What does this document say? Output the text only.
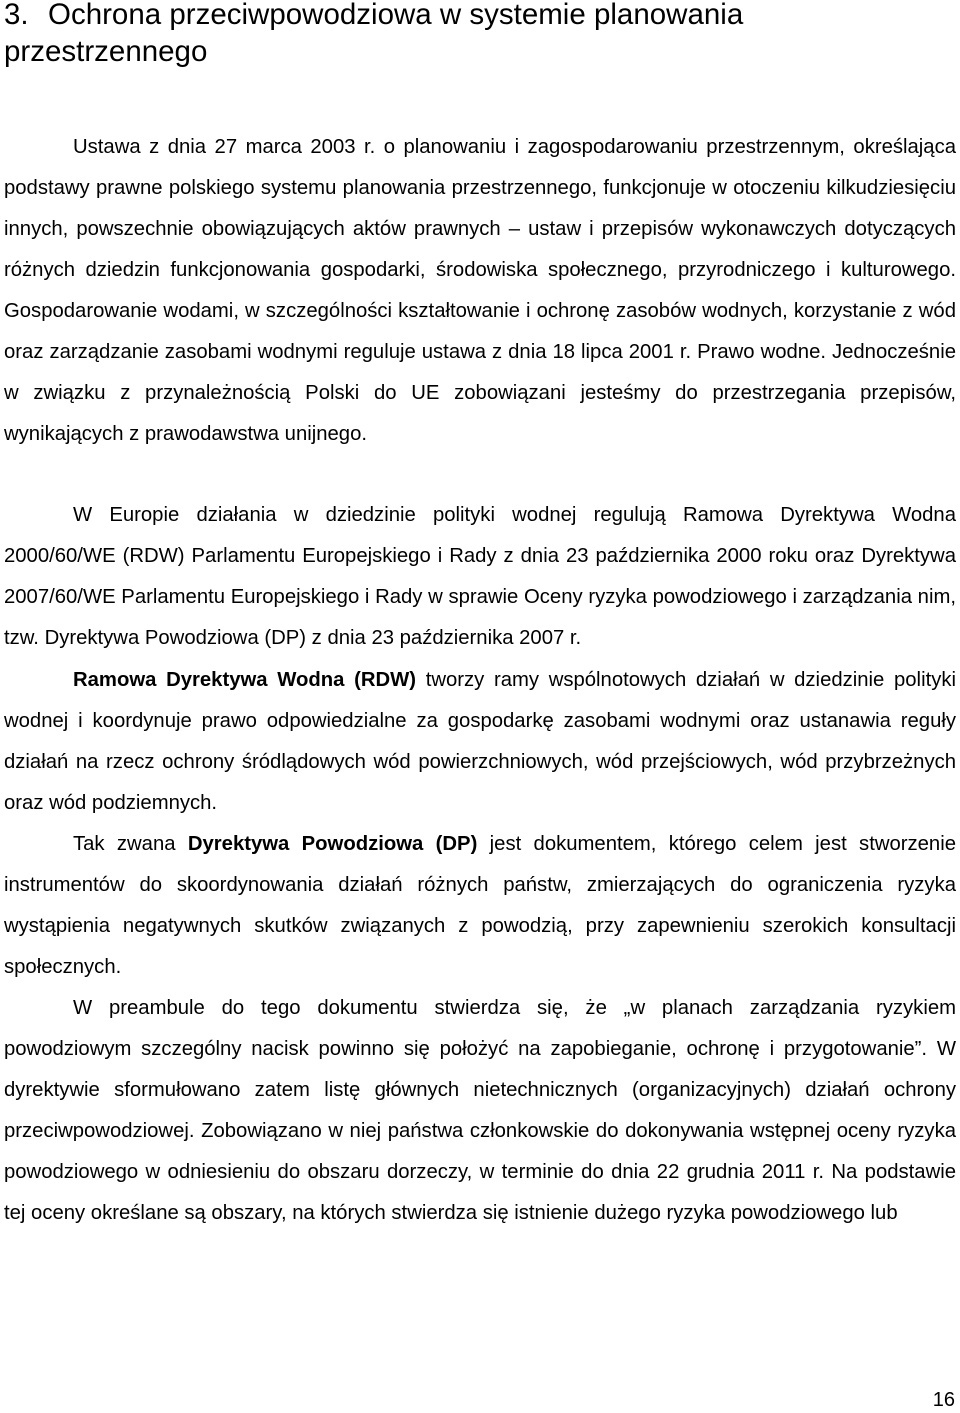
3. Ochrona przeciwpowodziowa w systemie planowania przestrzennego

Ustawa z dnia 27 marca 2003 r. o planowaniu i zagospodarowaniu przestrzennym, określająca podstawy prawne polskiego systemu planowania przestrzennego, funkcjonuje w otoczeniu kilkudziesięciu innych, powszechnie obowiązujących aktów prawnych – ustaw i przepisów wykonawczych dotyczących różnych dziedzin funkcjonowania gospodarki, środowiska społecznego, przyrodniczego i kulturowego. Gospodarowanie wodami, w szczególności kształtowanie i ochronę zasobów wodnych, korzystanie z wód oraz zarządzanie zasobami wodnymi reguluje ustawa z dnia 18 lipca 2001 r. Prawo wodne. Jednocześnie w związku z przynależnością Polski do UE zobowiązani jesteśmy do przestrzegania przepisów, wynikających z prawodawstwa unijnego.

W Europie działania w dziedzinie polityki wodnej regulują Ramowa Dyrektywa Wodna 2000/60/WE (RDW) Parlamentu Europejskiego i Rady z dnia 23 października 2000 roku oraz Dyrektywa 2007/60/WE Parlamentu Europejskiego i Rady w sprawie Oceny ryzyka powodziowego i zarządzania nim, tzw. Dyrektywa Powodziowa (DP) z dnia 23 października 2007 r.

Ramowa Dyrektywa Wodna (RDW) tworzy ramy wspólnotowych działań w dziedzinie polityki wodnej i koordynuje prawo odpowiedzialne za gospodarkę zasobami wodnymi oraz ustanawia reguły działań na rzecz ochrony śródlądowych wód powierzchniowych, wód przejściowych, wód przybrzeżnych oraz wód podziemnych.

Tak zwana Dyrektywa Powodziowa (DP) jest dokumentem, którego celem jest stworzenie instrumentów do skoordynowania działań różnych państw, zmierzających do ograniczenia ryzyka wystąpienia negatywnych skutków związanych z powodzią, przy zapewnieniu szerokich konsultacji społecznych.

W preambule do tego dokumentu stwierdza się, że „w planach zarządzania ryzykiem powodziowym szczególny nacisk powinno się położyć na zapobieganie, ochronę i przygotowanie”. W dyrektywie sformułowano zatem listę głównych nietechnicznych (organizacyjnych) działań ochrony przeciwpowodziowej. Zobowiązano w niej państwa członkowskie do dokonywania wstępnej oceny ryzyka powodziowego w odniesieniu do obszaru dorzeczy, w terminie do dnia 22 grudnia 2011 r. Na podstawie tej oceny określane są obszary, na których stwierdza się istnienie dużego ryzyka powodziowego lub

16
